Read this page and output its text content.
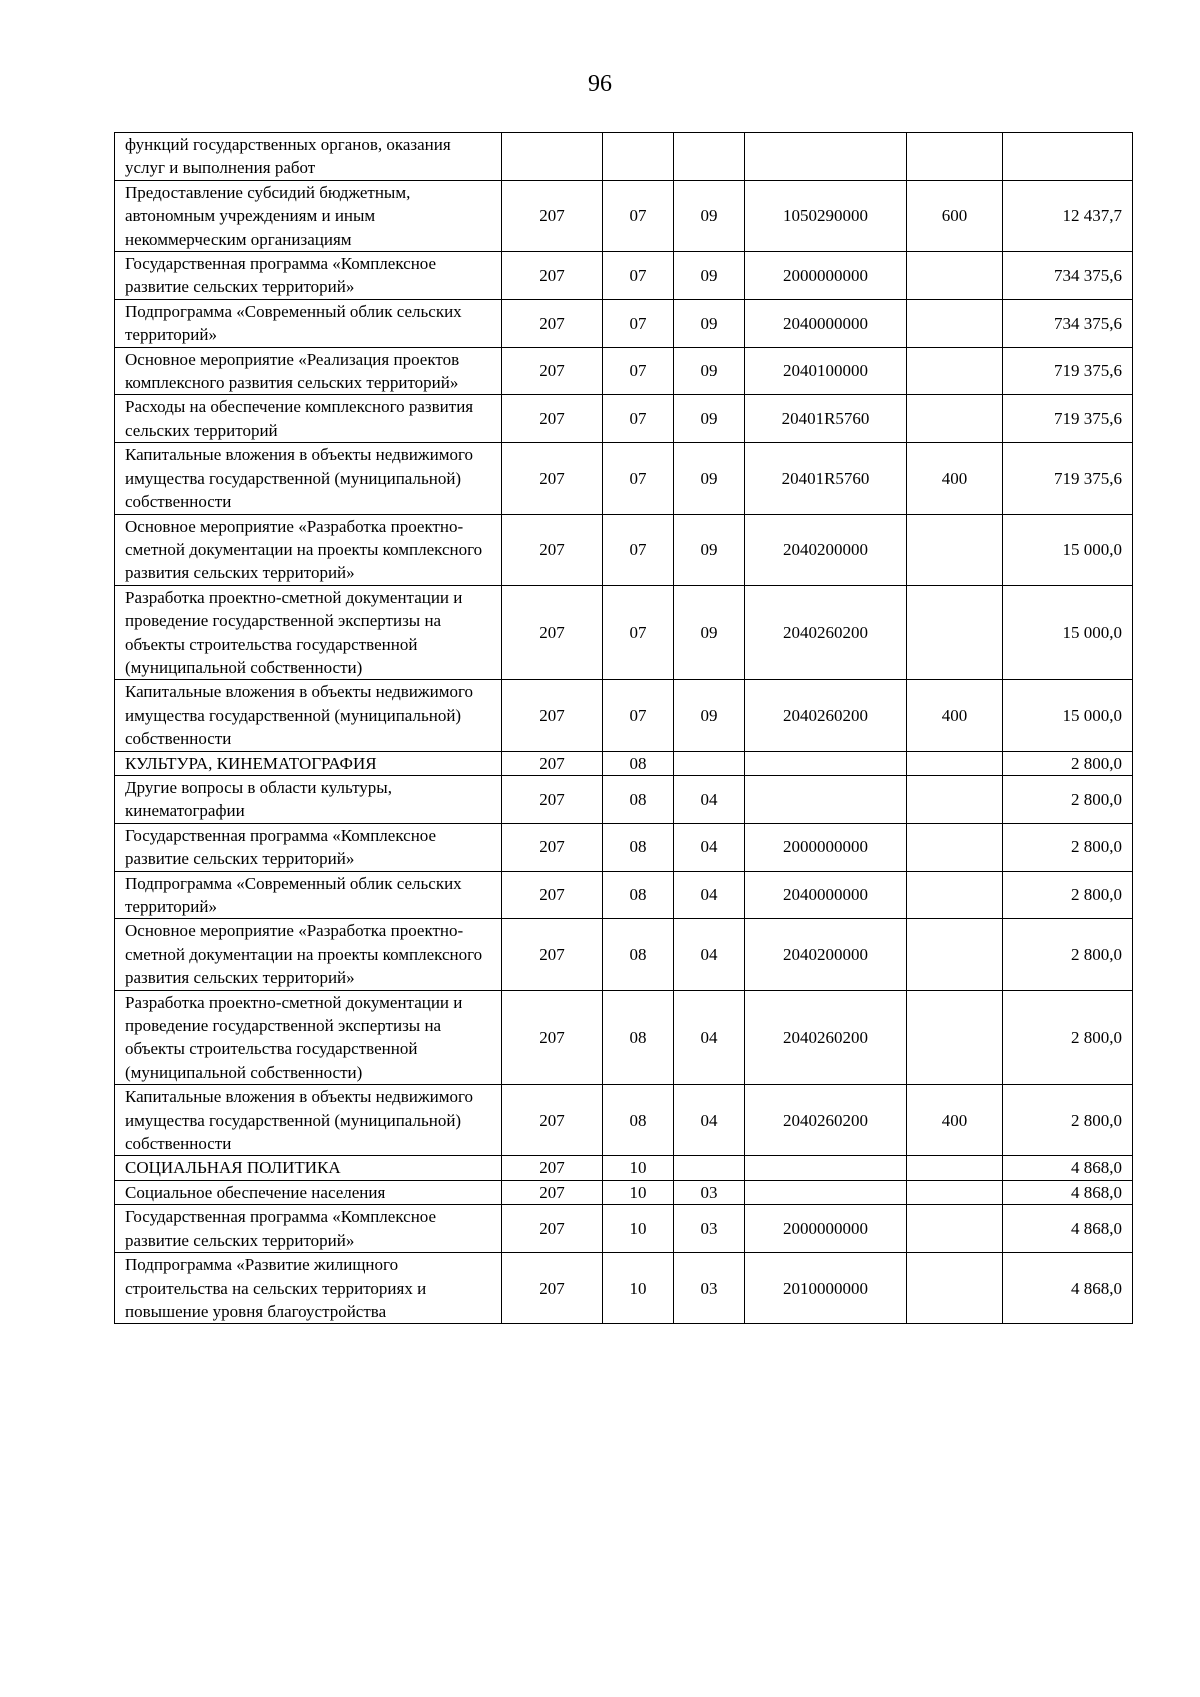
96
функций государственных органов, оказания услуг и выполнения работ						
Предоставление субсидий бюджетным, автономным учреждениям и иным некоммерческим организациям	207	07	09	1050290000	600	12 437,7
Государственная программа «Комплексное развитие сельских территорий»	207	07	09	2000000000		734 375,6
Подпрограмма «Современный облик сельских территорий»	207	07	09	2040000000		734 375,6
Основное мероприятие «Реализация проектов комплексного развития сельских территорий»	207	07	09	2040100000		719 375,6
Расходы на обеспечение комплексного развития сельских территорий	207	07	09	20401R5760		719 375,6
Капитальные вложения в объекты недвижимого имущества государственной (муниципальной) собственности	207	07	09	20401R5760	400	719 375,6
Основное мероприятие «Разработка проектно- сметной документации на проекты комплексного развития сельских территорий»	207	07	09	2040200000		15 000,0
Разработка проектно-сметной документации и проведение государственной экспертизы на объекты строительства государственной (муниципальной собственности)	207	07	09	2040260200		15 000,0
Капитальные вложения в объекты недвижимого имущества государственной (муниципальной) собственности	207	07	09	2040260200	400	15 000,0
КУЛЬТУРА, КИНЕМАТОГРАФИЯ	207	08				2 800,0
Другие вопросы в области культуры, кинематографии	207	08	04			2 800,0
Государственная программа «Комплексное развитие сельских территорий»	207	08	04	2000000000		2 800,0
Подпрограмма «Современный облик сельских территорий»	207	08	04	2040000000		2 800,0
Основное мероприятие «Разработка проектно- сметной документации на проекты комплексного развития сельских территорий»	207	08	04	2040200000		2 800,0
Разработка проектно-сметной документации и проведение государственной экспертизы на объекты строительства государственной (муниципальной собственности)	207	08	04	2040260200		2 800,0
Капитальные вложения в объекты недвижимого имущества государственной (муниципальной) собственности	207	08	04	2040260200	400	2 800,0
СОЦИАЛЬНАЯ ПОЛИТИКА	207	10				4 868,0
Социальное обеспечение населения	207	10	03			4 868,0
Государственная программа «Комплексное развитие сельских территорий»	207	10	03	2000000000		4 868,0
Подпрограмма «Развитие жилищного строительства на сельских территориях и повышение уровня благоустройства	207	10	03	2010000000		4 868,0
